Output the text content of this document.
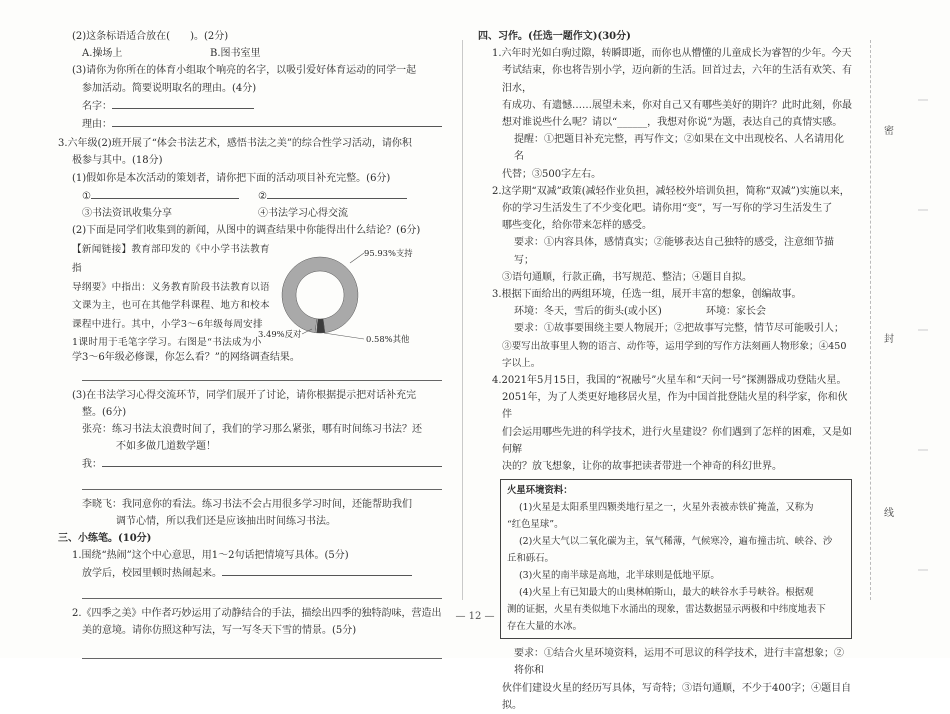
(2)这条标语适合放在(　　)。(2分)

A.操场上	B.图书室里

(3)请你为你所在的体育小组取个响亮的名字，以吸引爱好体育运动的同学一起

参加活动。简要说明取名的理由。(4分)

名字：

理由：

3.六年级(2)班开展了“体会书法艺术，感悟书法之美”的综合性学习活动，请你积

极参与其中。(18分)

(1)假如你是本次活动的策划者，请你把下面的活动项目补充完整。(6分)

①	②
③书法资讯收集分享	④书法学习心得交流

(2)下面是同学们收集到的新闻，从图中的调查结果中你能得出什么结论？(6分)

【新闻链接】教育部印发的《中小学书法教育指
导纲要》中指出：义务教育阶段书法教育以语
文课为主，也可在其他学科课程、地方和校本
课程中进行。其中，小学3～6年级每周安排
1课时用于毛笔字学习。右图是“书法成为小
95.93%支持
3.49%反对	0.58%其他

学3～6年级必修课，你怎么看？”的网络调查结果。

(3)在书法学习心得交流环节，同学们展开了讨论，请你根据提示把对话补充完

整。(6分)

张亮：练习书法太浪费时间了，我们的学习那么紧张，哪有时间练习书法？还

不如多做几道数学题！

我：

李晓飞：我同意你的看法。练习书法不会占用很多学习时间，还能帮助我们

调节心情，所以我们还是应该抽出时间练习书法。

三、小练笔。(10分)

1.围绕“热闹”这个中心意思，用1～2句话把情境写具体。(5分)

放学后，校园里顿时热闹起来。

2.《四季之美》中作者巧妙运用了动静结合的手法，描绘出四季的独特韵味，营造出

美的意境。请你仿照这种写法，写一写冬天下雪的情景。(5分)

四、习作。(任选一题作文)(30分)

1.六年时光如白驹过隙，转瞬即逝，而你也从懵懂的儿童成长为睿智的少年。今天

考试结束，你也将告别小学，迈向新的生活。回首过去，六年的生活有欢笑、有汨水，

有成功、有遗憾……展望未来，你对自己又有哪些美好的期许？此时此刻，你最

想对谁说些什么呢？请以“______，我想对你说”为题，表达自己的真情实感。

提醒：①把题目补充完整，再写作文；②如果在文中出现校名、人名请用化名

代替；③500字左右。

2.这学期“双减”政策(减轻作业负担，减轻校外培训负担，简称“双减”)实施以来，

你的学习生活发生了不少变化吧。请你用“变”，写一写你的学习生活发生了

哪些变化，给你带来怎样的感受。

要求：①内容具体，感情真实；②能够表达自己独特的感受，注意细节描写；

③语句通顺，行款正确，书写规范、整洁；④题目自拟。

3.根据下面给出的两组环境，任选一组，展开丰富的想象，创编故事。

环境：冬天，雪后的街头(或小区)	环境：家长会

要求：①故事要围绕主要人物展开；②把故事写完整，情节尽可能吸引人；

③要写出故事里人物的语言、动作等，运用学到的写作方法刻画人物形象；④450字以上。

4.2021年5月15日，我国的“祝融号”火星车和“天问一号”探测器成功登陆火星。

2051年，为了人类更好地移居火星，作为中国首批登陆火星的科学家，你和伙伴

们会运用哪些先进的科学技术，进行火星建设？你们遇到了怎样的困难，又是如何解

决的？放飞想象，让你的故事把读者带进一个神奇的科幻世界。

火星环境资料：
(1)火星是太阳系里四颗类地行星之一，火星外表被赤铁矿掩盖，又称为
“红色星球”。
(2)火星大气以二氧化碳为主，氧气稀薄，气候寒冷，遍布撞击坑、峡谷、沙
丘和砾石。
(3)火星的南半球是高地，北半球则是低地平原。
(4)火星上有已知最大的山奥林帕斯山，最大的峡谷水手号峡谷。根据观
测的证据，火星有类似地下水涌出的现象，雷达数据显示两极和中纬度地表下
存在大量的水冰。

要求：①结合火星环境资料，运用不可思议的科学技术，进行丰富想象；②将你和

伙伴们建设火星的经历写具体，写奇特；③语句通顺，不少于400字；④题目自拟。

密
封
线
— 12 —
